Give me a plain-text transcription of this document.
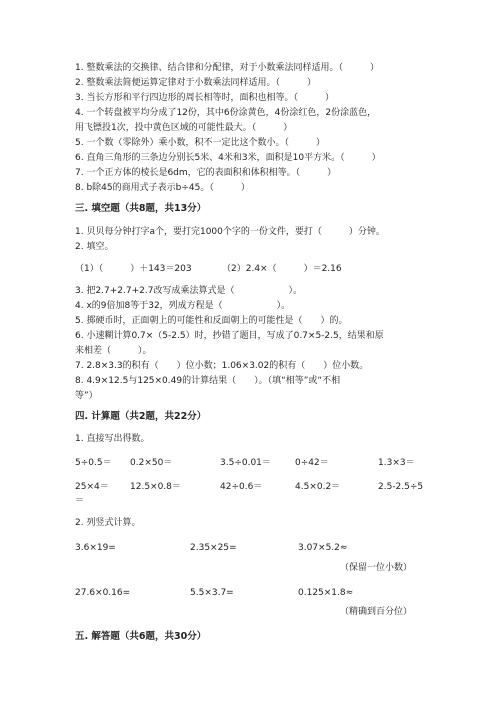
1. 整数乘法的交换律、结合律和分配律，对于小数乘法同样适用。（　　　）
2. 整数乘法简便运算定律对于小数乘法同样适用。（　　　）
3. 当长方形和平行四边形的周长相等时，面积也相等。（　　　）
4. 一个转盘被平均分成了12份，其中6份涂黄色，4份涂红色，2份涂蓝色，
用飞镖投1次，投中黄色区域的可能性最大。（　　　）
5. 一个数（零除外）乘小数，积不一定比这个数小。（　　　）
6. 直角三角形的三条边分别长5米、4米和3米，面积是10平方米。（　　　）
7. 一个正方体的棱长是6dm，它的表面积和体积相等。（　　　）
8. b除45的商用式子表示b÷45。（　　　）
三. 填空题（共8题，共13分）
1. 贝贝每分钟打字a个，要打完1000个字的一份文件，要打（　　　）分钟。
2. 填空。
（1）（　　　）＋143＝203	（2）2.4×（　　　）＝2.16
3. 把2.7+2.7+2.7改写成乘法算式是（　　　　　　）。
4. x的9倍加8等于32，列成方程是（　　　　　　）。
5. 掷硬币时，正面朝上的可能性和反面朝上的可能性是（　　）的。
6. 小速糊计算0.7×（5-2.5）时，抄错了题目，写成了0.7×5-2.5，结果和原
来相差（　　　）。
7. 2.8×3.3的积有（　　）位小数；1.06×3.02的积有（　　）位小数。
8. 4.9×12.5与125×0.49的计算结果（　　）。（填“相等”或“不相
等”）
四. 计算题（共2题，共22分）
1. 直接写出得数。
5÷0.5＝ 0.2×50＝	3.5÷0.01＝	0÷42＝	1.3×3＝
25×4＝ 12.5×0.8＝	42÷0.6＝	4.5×0.2＝	2.5-2.5÷5
＝
2. 列竖式计算。
3.6×19=	2.35×25=	3.07×5.2≈
（保留一位小数）
27.6×0.16=	5.5×3.7=	0.125×1.8≈
（精确到百分位）
五. 解答题（共6题，共30分）
